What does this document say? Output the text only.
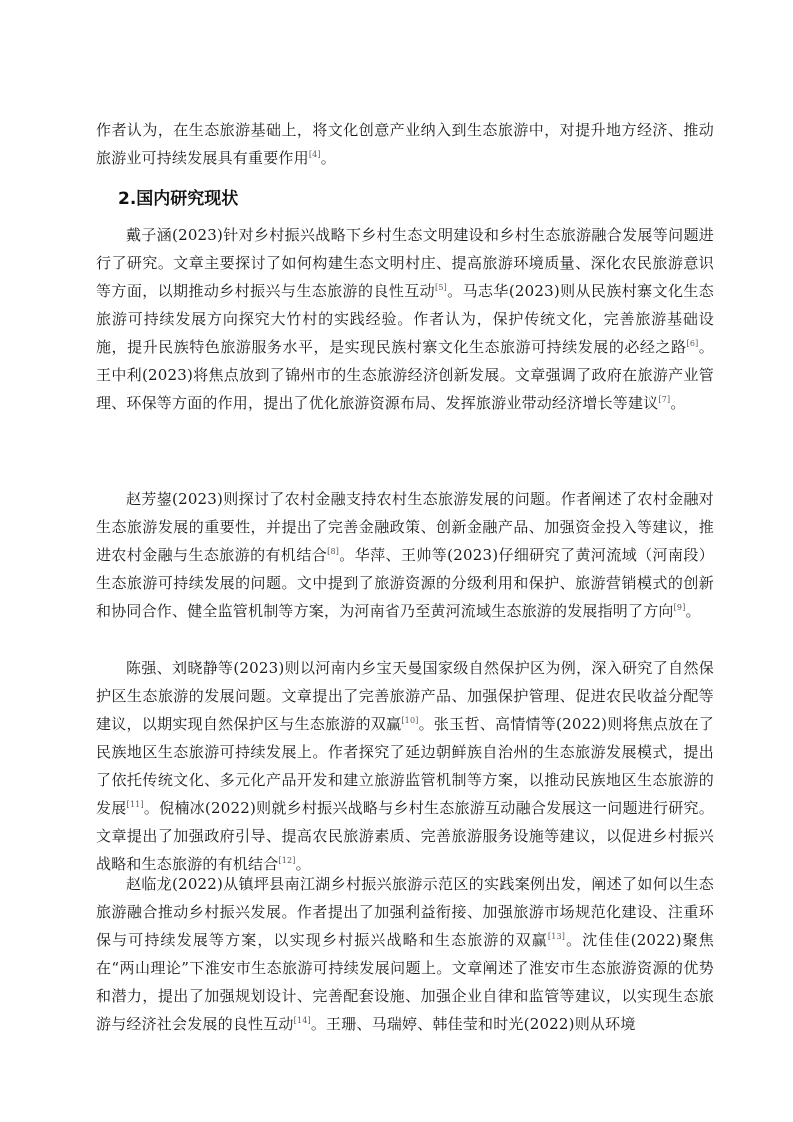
作者认为，在生态旅游基础上，将文化创意产业纳入到生态旅游中，对提升地方经济、推动旅游业可持续发展具有重要作用[4]。

2.国内研究现状

戴子涵(2023)针对乡村振兴战略下乡村生态文明建设和乡村生态旅游融合发展等问题进行了研究。文章主要探讨了如何构建生态文明村庄、提高旅游环境质量、深化农民旅游意识等方面，以期推动乡村振兴与生态旅游的良性互动[5]。马志华(2023)则从民族村寨文化生态旅游可持续发展方向探究大竹村的实践经验。作者认为，保护传统文化，完善旅游基础设施，提升民族特色旅游服务水平，是实现民族村寨文化生态旅游可持续发展的必经之路[6]。王中利(2023)将焦点放到了锦州市的生态旅游经济创新发展。文章强调了政府在旅游产业管理、环保等方面的作用，提出了优化旅游资源布局、发挥旅游业带动经济增长等建议[7]。

赵芳鋆(2023)则探讨了农村金融支持农村生态旅游发展的问题。作者阐述了农村金融对生态旅游发展的重要性，并提出了完善金融政策、创新金融产品、加强资金投入等建议，推进农村金融与生态旅游的有机结合[8]。华萍、王帅等(2023)仔细研究了黄河流域（河南段）生态旅游可持续发展的问题。文中提到了旅游资源的分级利用和保护、旅游营销模式的创新和协同合作、健全监管机制等方案，为河南省乃至黄河流域生态旅游的发展指明了方向[9]。

陈强、刘晓静等(2023)则以河南内乡宝天曼国家级自然保护区为例，深入研究了自然保护区生态旅游的发展问题。文章提出了完善旅游产品、加强保护管理、促进农民收益分配等建议，以期实现自然保护区与生态旅游的双赢[10]。张玉哲、高情情等(2022)则将焦点放在了民族地区生态旅游可持续发展上。作者探究了延边朝鲜族自治州的生态旅游发展模式，提出了依托传统文化、多元化产品开发和建立旅游监管机制等方案，以推动民族地区生态旅游的发展[11]。倪楠冰(2022)则就乡村振兴战略与乡村生态旅游互动融合发展这一问题进行研究。文章提出了加强政府引导、提高农民旅游素质、完善旅游服务设施等建议，以促进乡村振兴战略和生态旅游的有机结合[12]。

赵临龙(2022)从镇坪县南江湖乡村振兴旅游示范区的实践案例出发，阐述了如何以生态旅游融合推动乡村振兴发展。作者提出了加强利益衔接、加强旅游市场规范化建设、注重环保与可持续发展等方案，以实现乡村振兴战略和生态旅游的双赢[13]。沈佳佳(2022)聚焦在“两山理论”下淮安市生态旅游可持续发展问题上。文章阐述了淮安市生态旅游资源的优势和潜力，提出了加强规划设计、完善配套设施、加强企业自律和监管等建议，以实现生态旅游与经济社会发展的良性互动[14]。王珊、马瑞婷、韩佳莹和时光(2022)则从环境
